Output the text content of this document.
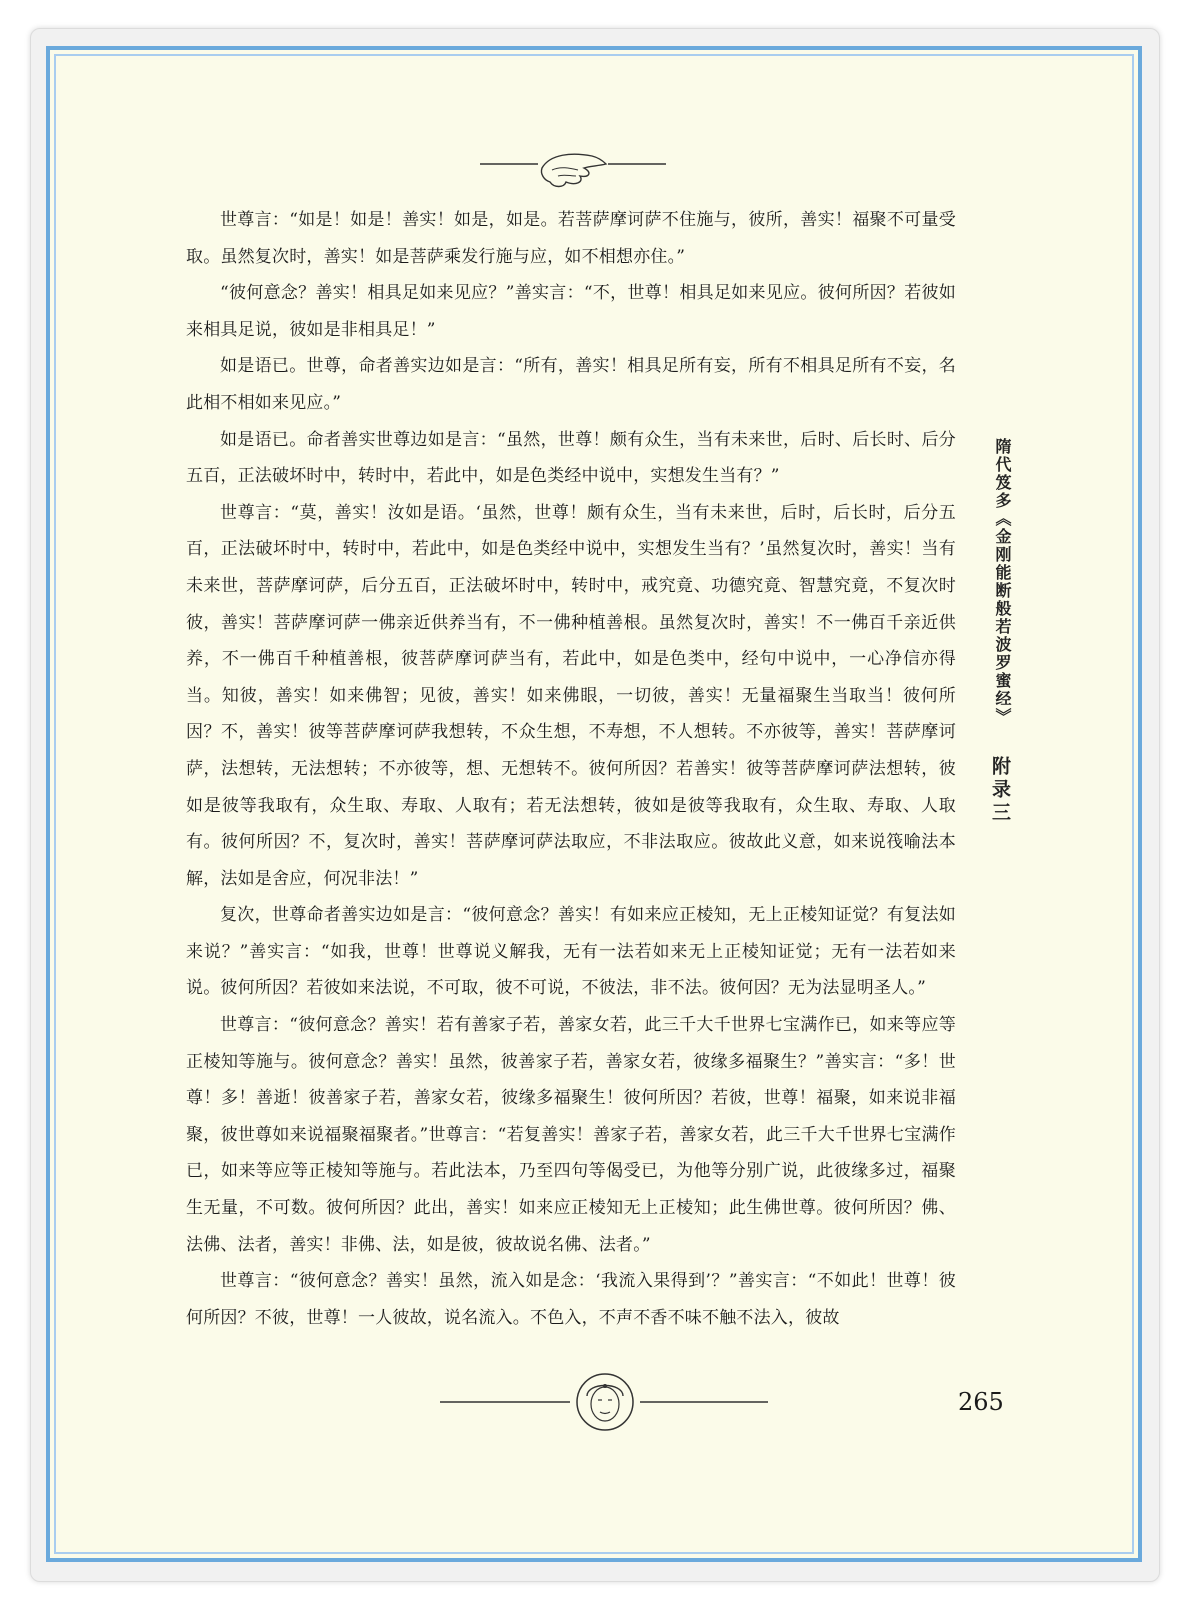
世尊言：“如是！如是！善实！如是，如是。若菩萨摩诃萨不住施与，彼所，善实！福聚不可量受取。虽然复次时，善实！如是菩萨乘发行施与应，如不相想亦住。”

“彼何意念？善实！相具足如来见应？”善实言：“不，世尊！相具足如来见应。彼何所因？若彼如来相具足说，彼如是非相具足！”

如是语已。世尊，命者善实边如是言：“所有，善实！相具足所有妄，所有不相具足所有不妄，名此相不相如来见应。”

如是语已。命者善实世尊边如是言：“虽然，世尊！颇有众生，当有未来世，后时、后长时、后分五百，正法破坏时中，转时中，若此中，如是色类经中说中，实想发生当有？”

世尊言：“莫，善实！汝如是语。‘虽然，世尊！颇有众生，当有未来世，后时，后长时，后分五百，正法破坏时中，转时中，若此中，如是色类经中说中，实想发生当有？’虽然复次时，善实！当有未来世，菩萨摩诃萨，后分五百，正法破坏时中，转时中，戒究竟、功德究竟、智慧究竟，不复次时彼，善实！菩萨摩诃萨一佛亲近供养当有，不一佛种植善根。虽然复次时，善实！不一佛百千亲近供养，不一佛百千种植善根，彼菩萨摩诃萨当有，若此中，如是色类中，经句中说中，一心净信亦得当。知彼，善实！如来佛智；见彼，善实！如来佛眼，一切彼，善实！无量福聚生当取当！彼何所因？不，善实！彼等菩萨摩诃萨我想转，不众生想，不寿想，不人想转。不亦彼等，善实！菩萨摩诃萨，法想转，无法想转；不亦彼等，想、无想转不。彼何所因？若善实！彼等菩萨摩诃萨法想转，彼如是彼等我取有，众生取、寿取、人取有；若无法想转，彼如是彼等我取有，众生取、寿取、人取有。彼何所因？不，复次时，善实！菩萨摩诃萨法取应，不非法取应。彼故此义意，如来说筏喻法本解，法如是舍应，何况非法！”

复次，世尊命者善实边如是言：“彼何意念？善实！有如来应正棱知，无上正棱知证觉？有复法如来说？”善实言：“如我，世尊！世尊说义解我，无有一法若如来无上正棱知证觉；无有一法若如来说。彼何所因？若彼如来法说，不可取，彼不可说，不彼法，非不法。彼何因？无为法显明圣人。”

世尊言：“彼何意念？善实！若有善家子若，善家女若，此三千大千世界七宝满作已，如来等应等正棱知等施与。彼何意念？善实！虽然，彼善家子若，善家女若，彼缘多福聚生？”善实言：“多！世尊！多！善逝！彼善家子若，善家女若，彼缘多福聚生！彼何所因？若彼，世尊！福聚，如来说非福聚，彼世尊如来说福聚福聚者。”世尊言：“若复善实！善家子若，善家女若，此三千大千世界七宝满作已，如来等应等正棱知等施与。若此法本，乃至四句等偈受已，为他等分别广说，此彼缘多过，福聚生无量，不可数。彼何所因？此出，善实！如来应正棱知无上正棱知；此生佛世尊。彼何所因？佛、法佛、法者，善实！非佛、法，如是彼，彼故说名佛、法者。”

世尊言：“彼何意念？善实！虽然，流入如是念：‘我流入果得到’？”善实言：“不如此！世尊！彼何所因？不彼，世尊！一人彼故，说名流入。不色入，不声不香不味不触不法入，彼故

隋代笈多《金刚能断般若波罗蜜经》
附录三
265
